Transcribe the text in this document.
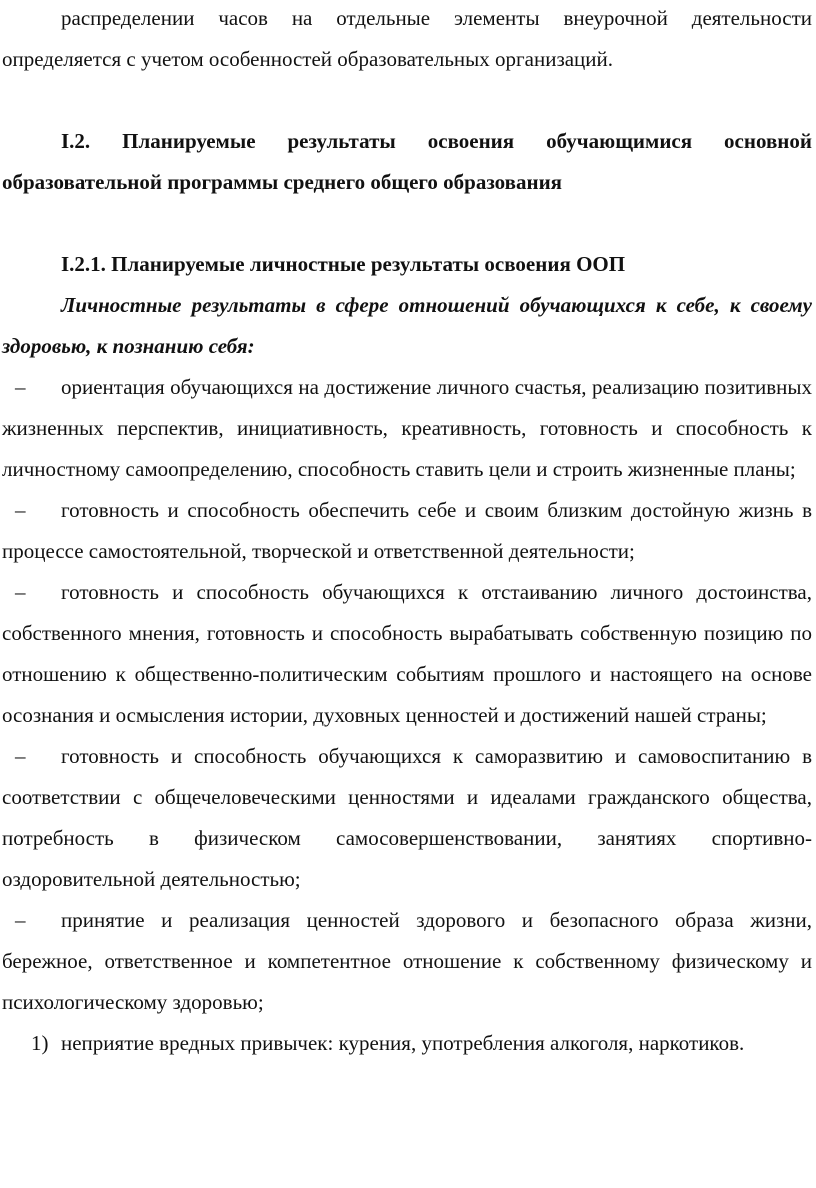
распределении часов на отдельные элементы внеурочной деятельности определяется с учетом особенностей образовательных организаций.

I.2. Планируемые результаты освоения обучающимися основной образовательной программы среднего общего образования

I.2.1. Планируемые личностные результаты освоения ООП

Личностные результаты в сфере отношений обучающихся к себе, к своему здоровью, к познанию себя:

–	ориентация обучающихся на достижение личного счастья, реализацию позитивных жизненных перспектив, инициативность, креативность, готовность и способность к личностному самоопределению, способность ставить цели и строить жизненные планы;

–	готовность и способность обеспечить себе и своим близким достойную жизнь в процессе самостоятельной, творческой и ответственной деятельности;

–	готовность и способность обучающихся к отстаиванию личного достоинства, собственного мнения, готовность и способность вырабатывать собственную позицию по отношению к общественно-политическим событиям прошлого и настоящего на основе осознания и осмысления истории, духовных ценностей и достижений нашей страны;

–	готовность и способность обучающихся к саморазвитию и самовоспитанию в соответствии с общечеловеческими ценностями и идеалами гражданского общества, потребность в физическом самосовершенствовании, занятиях спортивно-оздоровительной деятельностью;

–	принятие и реализация ценностей здорового и безопасного образа жизни, бережное, ответственное и компетентное отношение к собственному физическому и психологическому здоровью;

1) неприятие вредных привычек: курения, употребления алкоголя, наркотиков.
